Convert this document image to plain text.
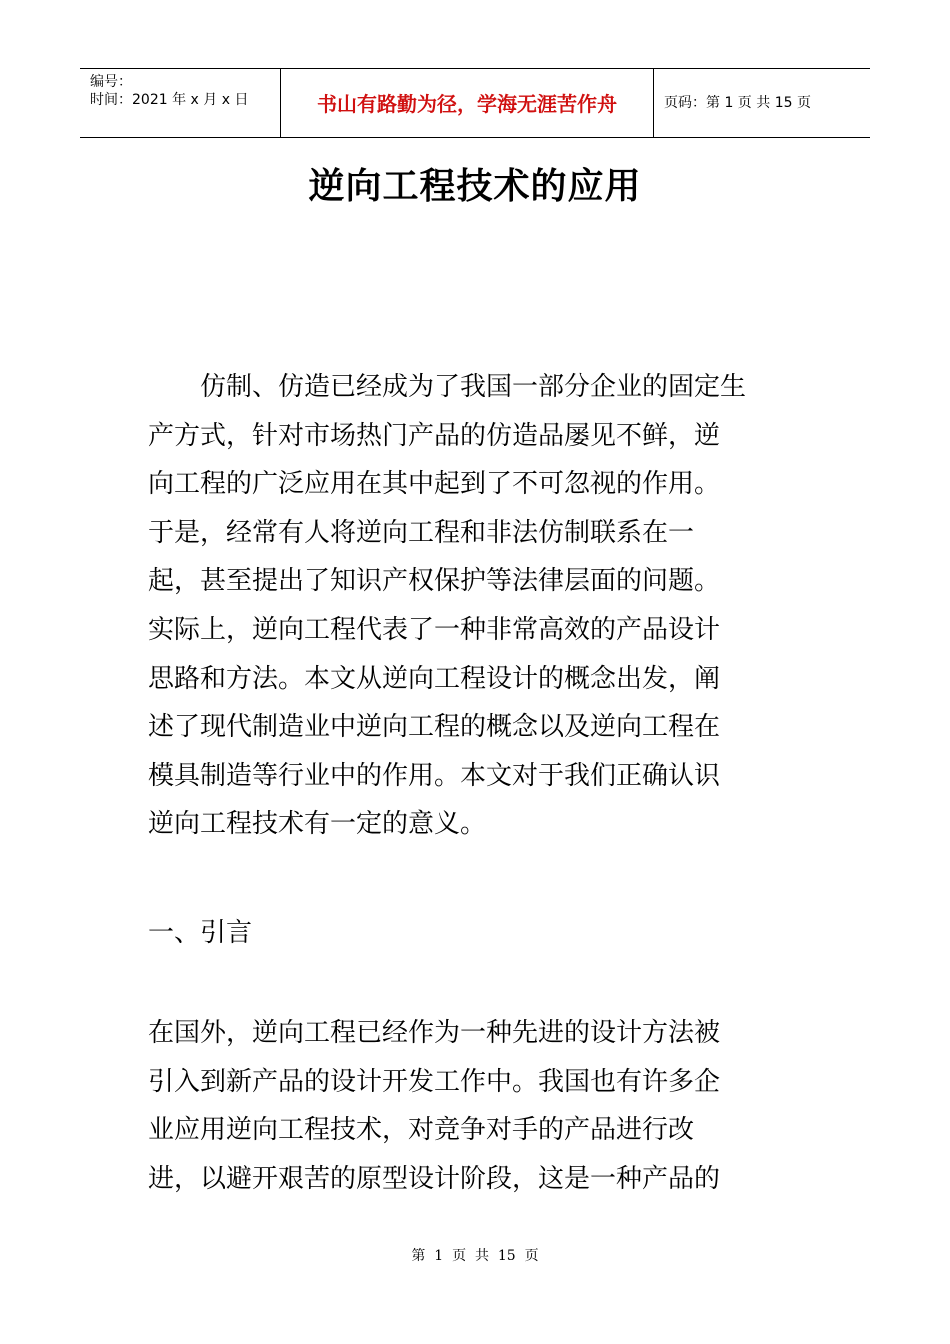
编号：
时间：2021 年 x 月 x 日	书山有路勤为径，学海无涯苦作舟	页码：第 1 页 共 15 页
逆向工程技术的应用
　　仿制、仿造已经成为了我国一部分企业的固定生
产方式，针对市场热门产品的仿造品屡见不鲜，逆
向工程的广泛应用在其中起到了不可忽视的作用。
于是，经常有人将逆向工程和非法仿制联系在一
起，甚至提出了知识产权保护等法律层面的问题。
实际上，逆向工程代表了一种非常高效的产品设计
思路和方法。本文从逆向工程设计的概念出发，阐
述了现代制造业中逆向工程的概念以及逆向工程在
模具制造等行业中的作用。本文对于我们正确认识
逆向工程技术有一定的意义。
一、引言
在国外，逆向工程已经作为一种先进的设计方法被
引入到新产品的设计开发工作中。我国也有许多企
业应用逆向工程技术，对竞争对手的产品进行改
进，以避开艰苦的原型设计阶段，这是一种产品的
第  1  页  共  15  页
